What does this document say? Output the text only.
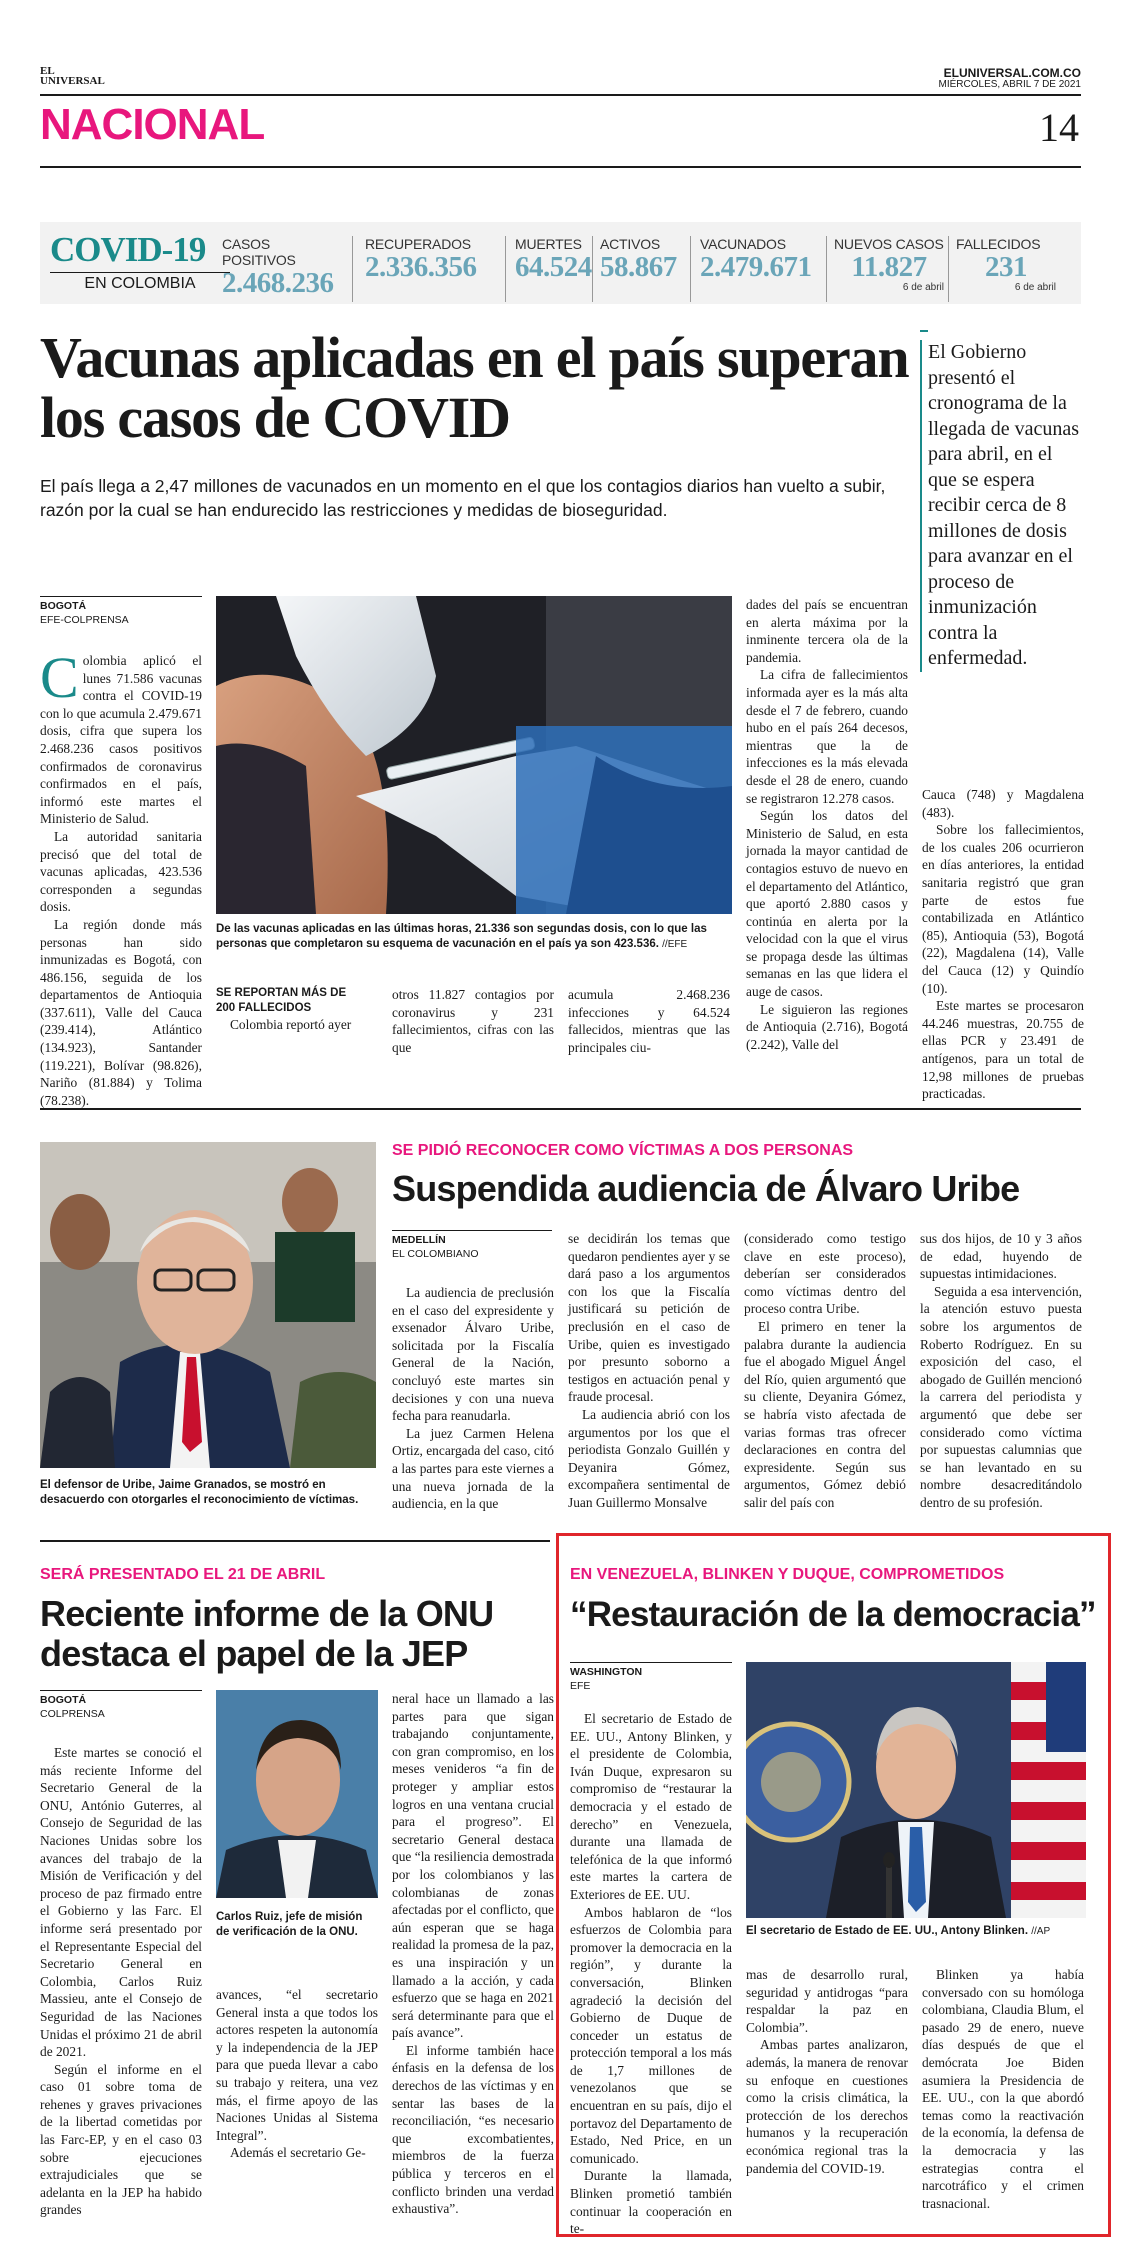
EL UNIVERSAL
ELUNIVERSAL.COM.CO
MIÉRCOLES, ABRIL 7 DE 2021
NACIONAL	14
COVID-19
EN COLOMBIA
CASOS POSITIVOS
2.468.236
RECUPERADOS
2.336.356
MUERTES
64.524
ACTIVOS
58.867
VACUNADOS
2.479.671
NUEVOS CASOS
11.827
6 de abril
FALLECIDOS
231
6 de abril
Vacunas aplicadas en el país superan los casos de COVID

El país llega a 2,47 millones de vacunados en un momento en el que los contagios diarios han vuelto a subir, razón por la cual se han endurecido las restricciones y medidas de bioseguridad.

El Gobierno presentó el cronograma de la llegada de vacunas para abril, en el que se espera recibir cerca de 8 millones de dosis para avanzar en el proceso de inmunización contra la enfermedad.

BOGOTÁ
EFE-COLPRENSA

Colombia aplicó el lunes 71.586 vacunas contra el COVID-19 con lo que acumula 2.479.671 dosis, cifra que supera los 2.468.236 casos positivos confirmados de coronavirus confirmados en el país, informó este martes el Ministerio de Salud.

La autoridad sanitaria precisó que del total de vacunas aplicadas, 423.536 corresponden a segundas dosis.

La región donde más personas han sido inmunizadas es Bogotá, con 486.156, seguida de los departamentos de Antioquia (337.611), Valle del Cauca (239.414), Atlántico (134.923), Santander (119.221), Bolívar (98.826), Nariño (81.884) y Tolima (78.238).

De las vacunas aplicadas en las últimas horas, 21.336 son segundas dosis, con lo que las personas que completaron su esquema de vacunación en el país ya son 423.536. //EFE
SE REPORTAN MÁS DE 200 FALLECIDOS

Colombia reportó ayer

otros 11.827 contagios por coronavirus y 231 fallecimientos, cifras con las que

acumula 2.468.236 infecciones y 64.524 fallecidos, mientras que las principales ciu-

dades del país se encuentran en alerta máxima por la inminente tercera ola de la pandemia.

La cifra de fallecimientos informada ayer es la más alta desde el 7 de febrero, cuando hubo en el país 264 decesos, mientras que la de infecciones es la más elevada desde el 28 de enero, cuando se registraron 12.278 casos.

Según los datos del Ministerio de Salud, en esta jornada la mayor cantidad de contagios estuvo de nuevo en el departamento del Atlántico, que aportó 2.880 casos y continúa en alerta por la velocidad con la que el virus se propaga desde las últimas semanas en las que lidera el auge de casos.

Le siguieron las regiones de Antioquia (2.716), Bogotá (2.242), Valle del

Cauca (748) y Magdalena (483).

Sobre los fallecimientos, de los cuales 206 ocurrieron en días anteriores, la entidad sanitaria registró que gran parte de estos fue contabilizada en Atlántico (85), Antioquia (53), Bogotá (22), Magdalena (14), Valle del Cauca (12) y Quindío (10).

Este martes se procesaron 44.246 muestras, 20.755 de ellas PCR y 23.491 de antígenos, para un total de 12,98 millones de pruebas practicadas.

El defensor de Uribe, Jaime Granados, se mostró en desacuerdo con otorgarles el reconocimiento de víctimas.
SE PIDIÓ RECONOCER COMO VÍCTIMAS A DOS PERSONAS
Suspendida audiencia de Álvaro Uribe
MEDELLÍN
EL COLOMBIANO

La audiencia de preclusión en el caso del expresidente y exsenador Álvaro Uribe, solicitada por la Fiscalía General de la Nación, concluyó este martes sin decisiones y con una nueva fecha para reanudarla.

La juez Carmen Helena Ortiz, encargada del caso, citó a las partes para este viernes a una nueva jornada de la audiencia, en la que

se decidirán los temas que quedaron pendientes ayer y se dará paso a los argumentos con los que la Fiscalía justificará su petición de preclusión en el caso de Uribe, quien es investigado por presunto soborno a testigos en actuación penal y fraude procesal.

La audiencia abrió con los argumentos por los que el periodista Gonzalo Guillén y Deyanira Gómez, excompañera sentimental de Juan Guillermo Monsalve

(considerado como testigo clave en este proceso), deberían ser considerados como víctimas dentro del proceso contra Uribe.

El primero en tener la palabra durante la audiencia fue el abogado Miguel Ángel del Río, quien argumentó que su cliente, Deyanira Gómez, se habría visto afectada de varias formas tras ofrecer declaraciones en contra del expresidente. Según sus argumentos, Gómez debió salir del país con

sus dos hijos, de 10 y 3 años de edad, huyendo de supuestas intimidaciones.

Seguida a esa intervención, la atención estuvo puesta sobre los argumentos de Roberto Rodríguez. En su exposición del caso, el abogado de Guillén mencionó la carrera del periodista y argumentó que debe ser considerado como víctima por supuestas calumnias que se han levantado en su nombre desacreditándolo dentro de su profesión.

SERÁ PRESENTADO EL 21 DE ABRIL
Reciente informe de la ONU destaca el papel de la JEP
BOGOTÁ
COLPRENSA

Este martes se conoció el más reciente Informe del Secretario General de la ONU, António Guterres, al Consejo de Seguridad de las Naciones Unidas sobre los avances del trabajo de la Misión de Verificación y del proceso de paz firmado entre el Gobierno y las Farc. El informe será presentado por el Representante Especial del Secretario General en Colombia, Carlos Ruiz Massieu, ante el Consejo de Seguridad de las Naciones Unidas el próximo 21 de abril de 2021.

Según el informe en el caso 01 sobre toma de rehenes y graves privaciones de la libertad cometidas por las Farc-EP, y en el caso 03 sobre ejecuciones extrajudiciales que se adelanta en la JEP ha habido grandes

Carlos Ruiz, jefe de misión de verificación de la ONU.

avances, “el secretario General insta a que todos los actores respeten la autonomía y la independencia de la JEP para que pueda llevar a cabo su trabajo y reitera, una vez más, el firme apoyo de las Naciones Unidas al Sistema Integral”.

Además el secretario Ge-

neral hace un llamado a las partes para que sigan trabajando conjuntamente, con gran compromiso, en los meses venideros “a fin de proteger y ampliar estos logros en una ventana crucial para el progreso”. El secretario General destaca que “la resiliencia demostrada por los colombianos y las colombianas de zonas afectadas por el conflicto, que aún esperan que se haga realidad la promesa de la paz, es una inspiración y un llamado a la acción, y cada esfuerzo que se haga en 2021 será determinante para que el país avance”.

El informe también hace énfasis en la defensa de los derechos de las víctimas y en sentar las bases de la reconciliación, “es necesario que excombatientes, miembros de la fuerza pública y terceros en el conflicto brinden una verdad exhaustiva”.

EN VENEZUELA, BLINKEN Y DUQUE, COMPROMETIDOS
“Restauración de la democracia”
WASHINGTON
EFE

El secretario de Estado de EE. UU., Antony Blinken, y el presidente de Colombia, Iván Duque, expresaron su compromiso de “restaurar la democracia y el estado de derecho” en Venezuela, durante una llamada de telefónica de la que informó este martes la cartera de Exteriores de EE. UU.

Ambos hablaron de “los esfuerzos de Colombia para promover la democracia en la región”, y durante la conversación, Blinken agradeció la decisión del Gobierno de Duque de conceder un estatus de protección temporal a los más de 1,7 millones de venezolanos que se encuentran en su país, dijo el portavoz del Departamento de Estado, Ned Price, en un comunicado.

Durante la llamada, Blinken prometió también continuar la cooperación en te-

El secretario de Estado de EE. UU., Antony Blinken. //AP

mas de desarrollo rural, seguridad y antidrogas “para respaldar la paz en Colombia”.

Ambas partes analizaron, además, la manera de renovar su enfoque en cuestiones como la crisis climática, la protección de los derechos humanos y la recuperación económica regional tras la pandemia del COVID-19.

Blinken ya había conversado con su homóloga colombiana, Claudia Blum, el pasado 29 de enero, nueve días después de que el demócrata Joe Biden asumiera la Presidencia de EE. UU., con la que abordó temas como la reactivación de la economía, la defensa de la democracia y las estrategias contra el narcotráfico y el crimen trasnacional.
